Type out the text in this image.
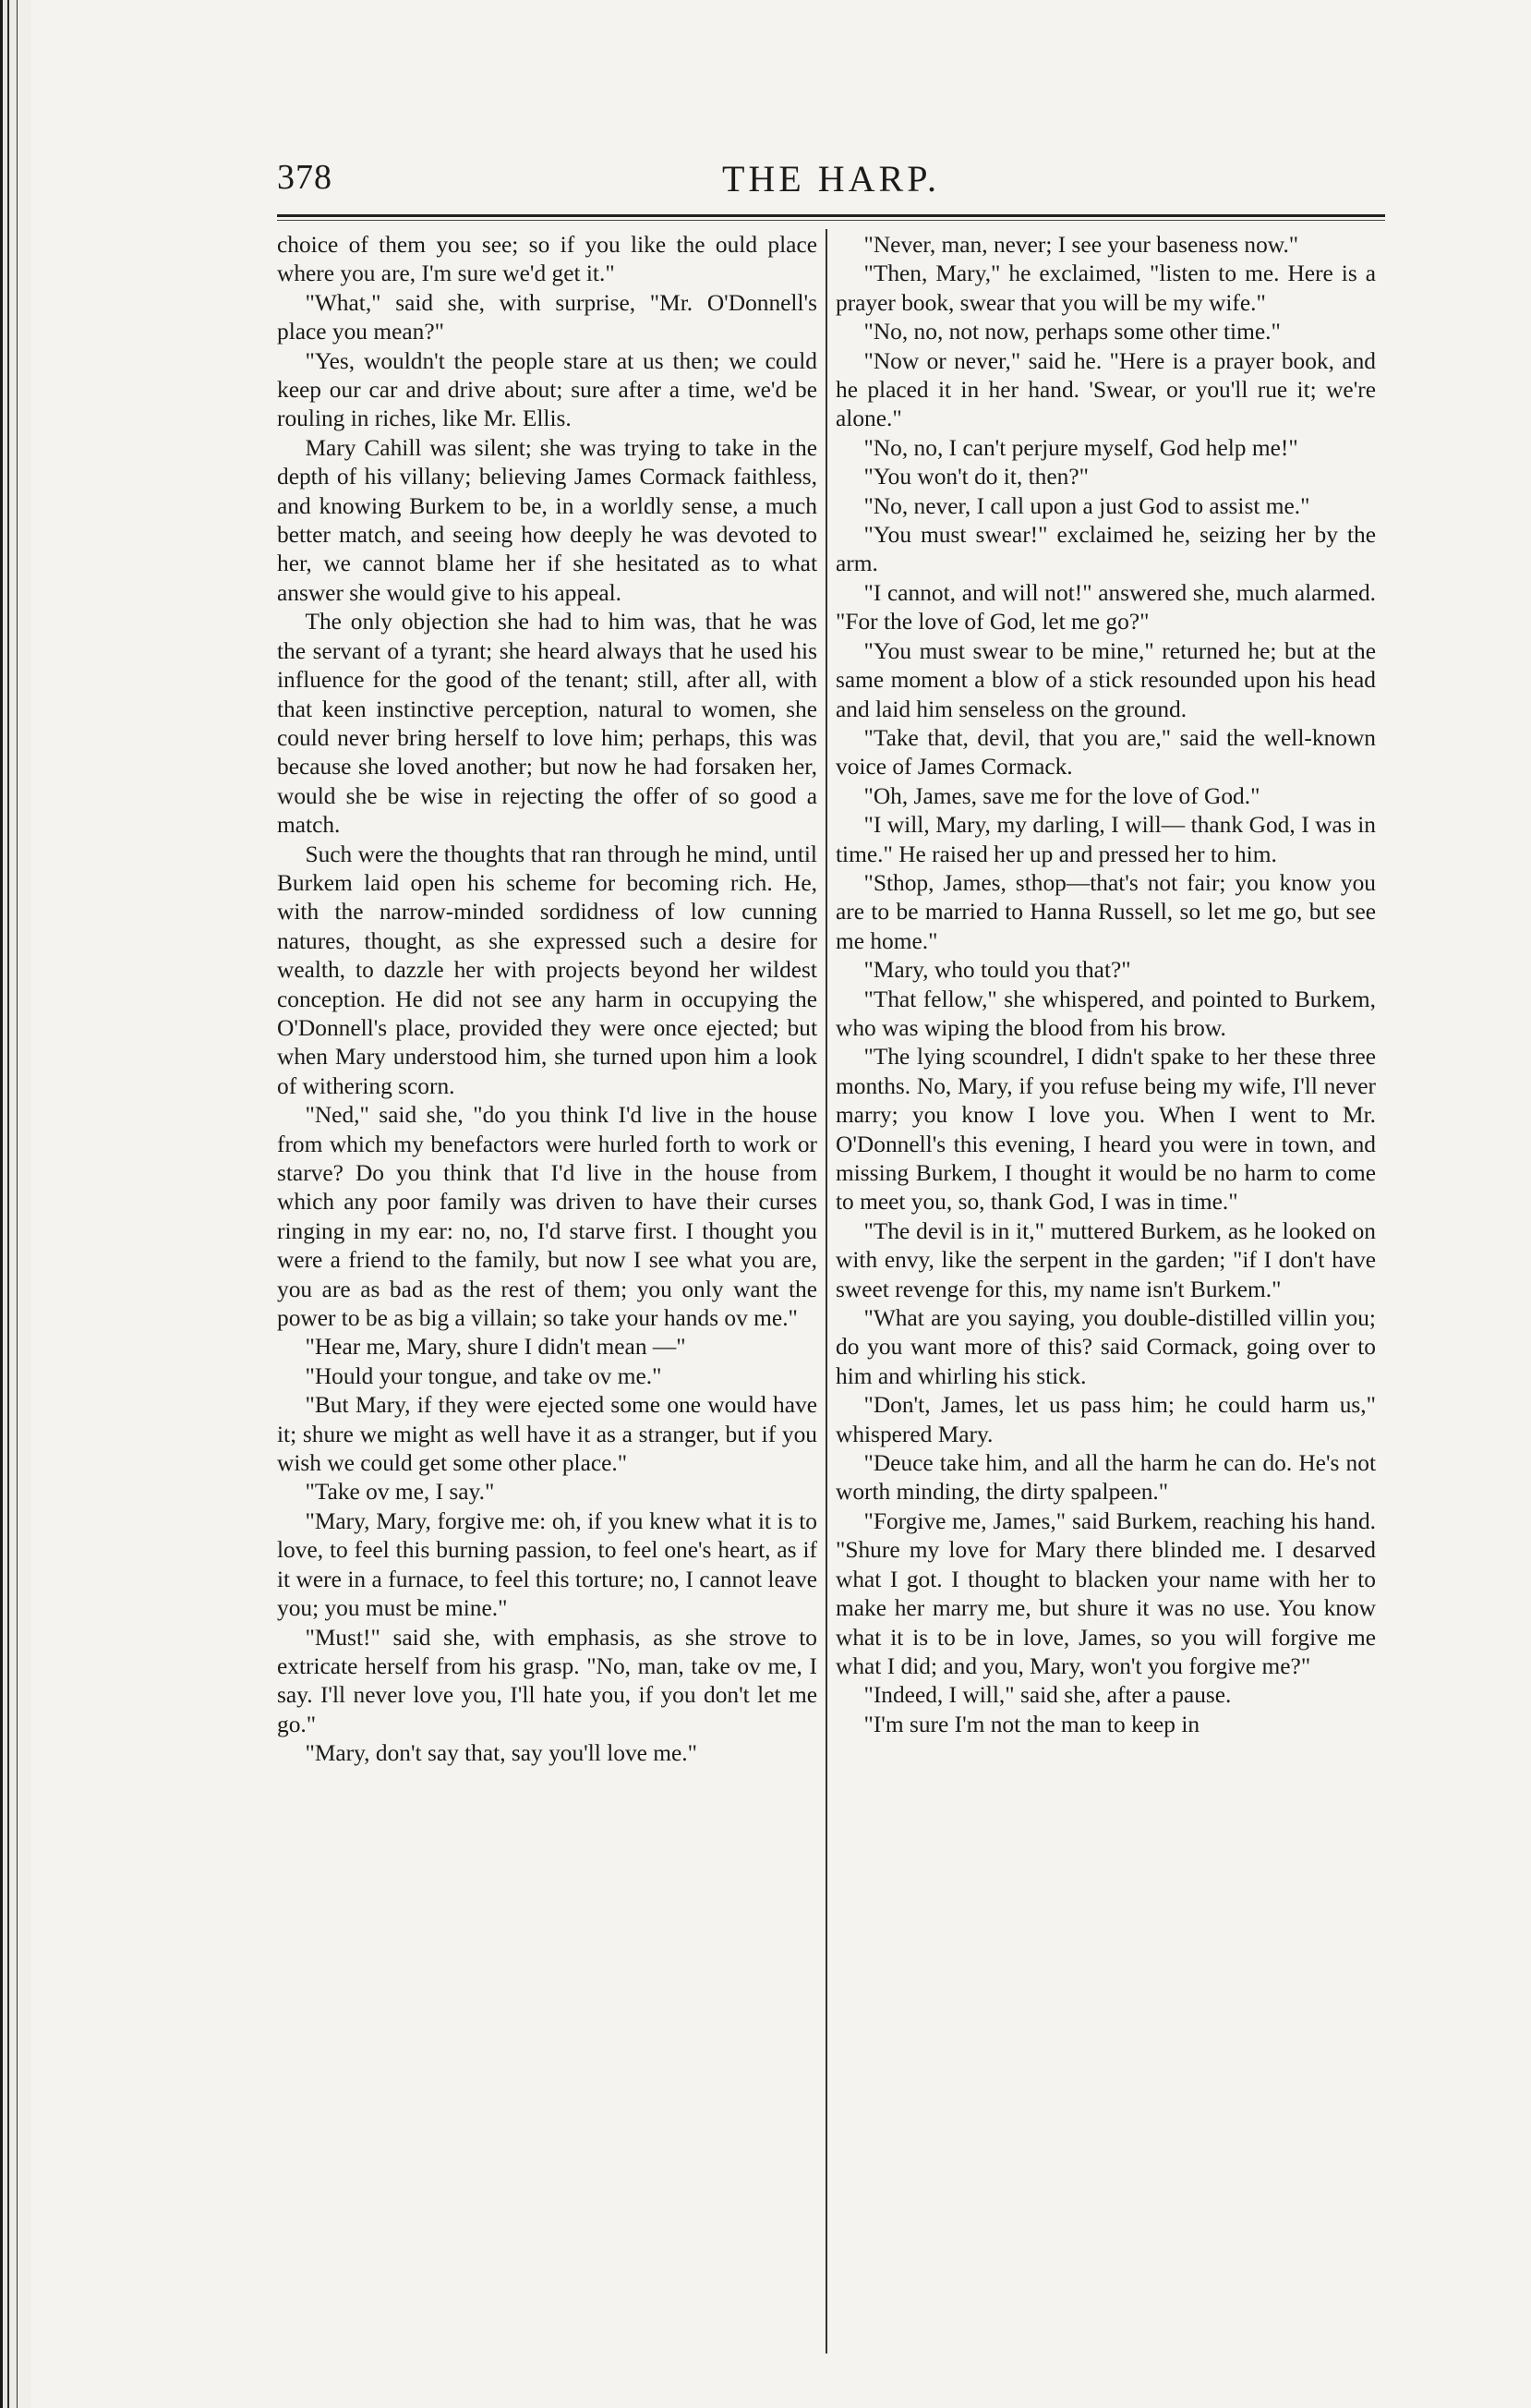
378	THE HARP.

choice of them you see; so if you like the ould place where you are, I'm sure we'd get it."

"What," said she, with surprise, "Mr. O'Donnell's place you mean?"

"Yes, wouldn't the people stare at us then; we could keep our car and drive about; sure after a time, we'd be rouling in riches, like Mr. Ellis.

Mary Cahill was silent; she was trying to take in the depth of his villany; believing James Cormack faithless, and knowing Burkem to be, in a worldly sense, a much better match, and seeing how deeply he was devoted to her, we cannot blame her if she hesitated as to what answer she would give to his appeal.

The only objection she had to him was, that he was the servant of a tyrant; she heard always that he used his influence for the good of the tenant; still, after all, with that keen instinctive perception, natural to women, she could never bring herself to love him; perhaps, this was because she loved another; but now he had forsaken her, would she be wise in rejecting the offer of so good a match.

Such were the thoughts that ran through he mind, until Burkem laid open his scheme for becoming rich. He, with the narrow-minded sordidness of low cunning natures, thought, as she expressed such a desire for wealth, to dazzle her with projects beyond her wildest conception. He did not see any harm in occupying the O'Donnell's place, provided they were once ejected; but when Mary understood him, she turned upon him a look of withering scorn.

"Ned," said she, "do you think I'd live in the house from which my benefactors were hurled forth to work or starve? Do you think that I'd live in the house from which any poor family was driven to have their curses ringing in my ear: no, no, I'd starve first. I thought you were a friend to the family, but now I see what you are, you are as bad as the rest of them; you only want the power to be as big a villain; so take your hands ov me."

"Hear me, Mary, shure I didn't mean —"

"Hould your tongue, and take ov me."

"But Mary, if they were ejected some one would have it; shure we might as well have it as a stranger, but if you wish we could get some other place."

"Take ov me, I say."

"Mary, Mary, forgive me: oh, if you knew what it is to love, to feel this burning passion, to feel one's heart, as if it were in a furnace, to feel this torture; no, I cannot leave you; you must be mine."

"Must!" said she, with emphasis, as she strove to extricate herself from his grasp. "No, man, take ov me, I say. I'll never love you, I'll hate you, if you don't let me go."

"Mary, don't say that, say you'll love me."

"Never, man, never; I see your baseness now."

"Then, Mary," he exclaimed, "listen to me. Here is a prayer book, swear that you will be my wife."

"No, no, not now, perhaps some other time."

"Now or never," said he. "Here is a prayer book, and he placed it in her hand. 'Swear, or you'll rue it; we're alone."

"No, no, I can't perjure myself, God help me!"

"You won't do it, then?"

"No, never, I call upon a just God to assist me."

"You must swear!" exclaimed he, seizing her by the arm.

"I cannot, and will not!" answered she, much alarmed. "For the love of God, let me go?"

"You must swear to be mine," returned he; but at the same moment a blow of a stick resounded upon his head and laid him senseless on the ground.

"Take that, devil, that you are," said the well-known voice of James Cormack.

"Oh, James, save me for the love of God."

"I will, Mary, my darling, I will— thank God, I was in time." He raised her up and pressed her to him.

"Sthop, James, sthop—that's not fair; you know you are to be married to Hanna Russell, so let me go, but see me home."

"Mary, who tould you that?"

"That fellow," she whispered, and pointed to Burkem, who was wiping the blood from his brow.

"The lying scoundrel, I didn't spake to her these three months. No, Mary, if you refuse being my wife, I'll never marry; you know I love you. When I went to Mr. O'Donnell's this evening, I heard you were in town, and missing Burkem, I thought it would be no harm to come to meet you, so, thank God, I was in time."

"The devil is in it," muttered Burkem, as he looked on with envy, like the serpent in the garden; "if I don't have sweet revenge for this, my name isn't Burkem."

"What are you saying, you double-distilled villin you; do you want more of this? said Cormack, going over to him and whirling his stick.

"Don't, James, let us pass him; he could harm us," whispered Mary.

"Deuce take him, and all the harm he can do. He's not worth minding, the dirty spalpeen."

"Forgive me, James," said Burkem, reaching his hand. "Shure my love for Mary there blinded me. I desarved what I got. I thought to blacken your name with her to make her marry me, but shure it was no use. You know what it is to be in love, James, so you will forgive me what I did; and you, Mary, won't you forgive me?"

"Indeed, I will," said she, after a pause.

"I'm sure I'm not the man to keep in
